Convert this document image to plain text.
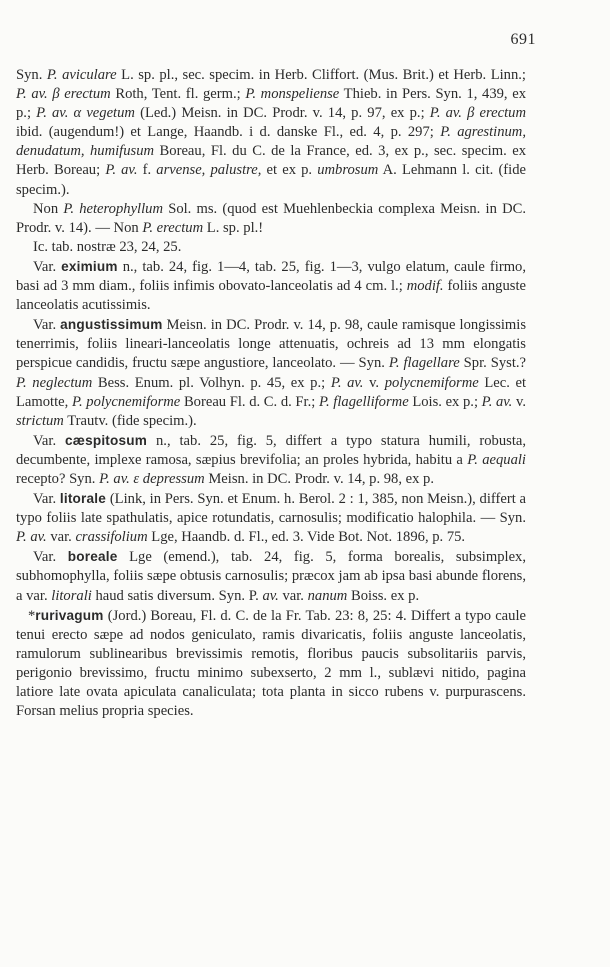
691

Syn. P. aviculare L. sp. pl., sec. specim. in Herb. Cliffort. (Mus. Brit.) et Herb. Linn.; P. av. β erectum Roth, Tent. fl. germ.; P. monspeliense Thieb. in Pers. Syn. 1, 439, ex p.; P. av. α vegetum (Led.) Meisn. in DC. Prodr. v. 14, p. 97, ex p.; P. av. β erectum ibid. (augendum!) et Lange, Haandb. i d. danske Fl., ed. 4, p. 297; P. agrestinum, denudatum, humifusum Boreau, Fl. du C. de la France, ed. 3, ex p., sec. specim. ex Herb. Boreau; P. av. f. arvense, palustre, et ex p. umbrosum A. Lehmann l. cit. (fide specim.).

Non P. heterophyllum Sol. ms. (quod est Muehlenbeckia complexa Meisn. in DC. Prodr. v. 14). — Non P. erectum L. sp. pl.!

Ic. tab. nostræ 23, 24, 25.

Var. eximium n., tab. 24, fig. 1—4, tab. 25, fig. 1—3, vulgo elatum, caule firmo, basi ad 3 mm diam., foliis infimis obovato-lanceolatis ad 4 cm. l.; modif. foliis anguste lanceolatis acutissimis.

Var. angustissimum Meisn. in DC. Prodr. v. 14, p. 98, caule ramisque longissimis tenerrimis, foliis lineari-lanceolatis longe attenuatis, ochreis ad 13 mm elongatis perspicue candidis, fructu sæpe angustiore, lanceolato. — Syn. P. flagellare Spr. Syst.? P. neglectum Bess. Enum. pl. Volhyn. p. 45, ex p.; P. av. v. polycnemiforme Lec. et Lamotte, P. polycnemiforme Boreau Fl. d. C. d. Fr.; P. flagelliforme Lois. ex p.; P. av. v. strictum Trautv. (fide specim.).

Var. cæspitosum n., tab. 25, fig. 5, differt a typo statura humili, robusta, decumbente, implexe ramosa, sæpius brevifolia; an proles hybrida, habitu a P. aequali recepto? Syn. P. av. ε depressum Meisn. in DC. Prodr. v. 14, p. 98, ex p.

Var. litorale (Link, in Pers. Syn. et Enum. h. Berol. 2 : 1, 385, non Meisn.), differt a typo foliis late spathulatis, apice rotundatis, carnosulis; modificatio halophila. — Syn. P. av. var. crassifolium Lge, Haandb. d. Fl., ed. 3. Vide Bot. Not. 1896, p. 75.

Var. boreale Lge (emend.), tab. 24, fig. 5, forma borealis, subsimplex, subhomophylla, foliis sæpe obtusis carnosulis; præcox jam ab ipsa basi abunde florens, a var. litorali haud satis diversum. Syn. P. av. var. nanum Boiss. ex p.

*rurivagum (Jord.) Boreau, Fl. d. C. de la Fr. Tab. 23: 8, 25: 4. Differt a typo caule tenui erecto sæpe ad nodos geniculato, ramis divaricatis, foliis anguste lanceolatis, ramulorum sublinearibus brevissimis remotis, floribus paucis subsolitariis parvis, perigonio brevissimo, fructu minimo subexserto, 2 mm l., sublævi nitido, pagina latiore late ovata apiculata canaliculata; tota planta in sicco rubens v. purpurascens. Forsan melius propria species.
